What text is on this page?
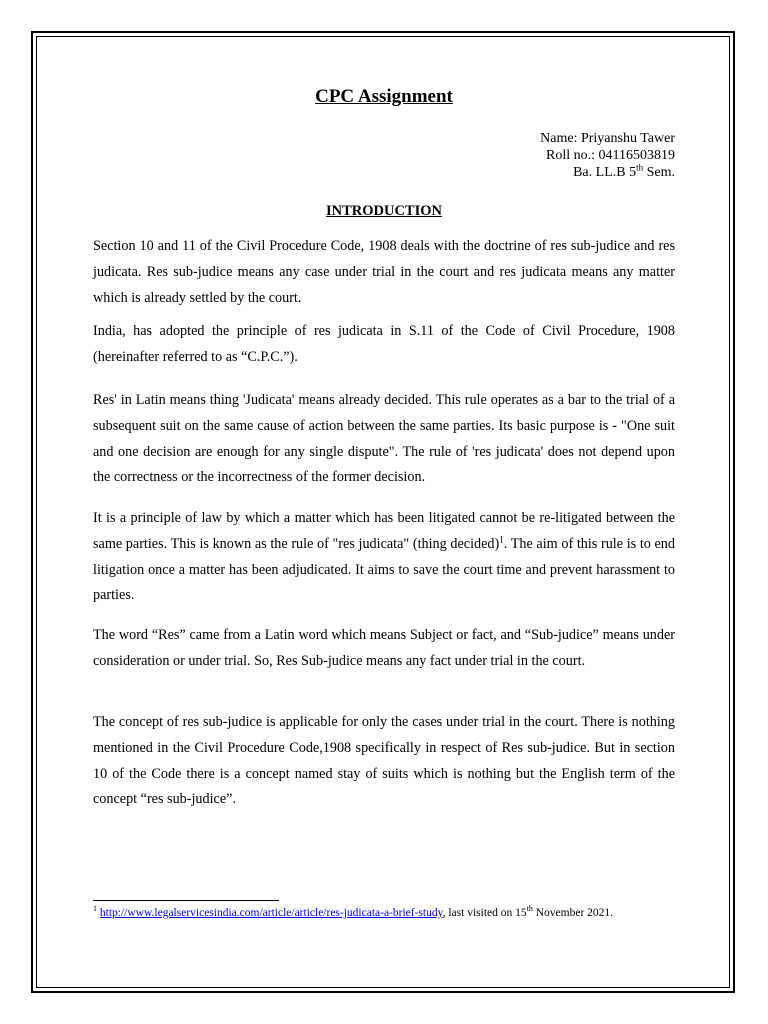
CPC Assignment
Name: Priyanshu Tawer
Roll no.: 04116503819
Ba. LL.B 5th Sem.
INTRODUCTION

Section 10 and 11 of the Civil Procedure Code, 1908 deals with the doctrine of res sub-judice and res judicata. Res sub-judice means any case under trial in the court and res judicata means any matter which is already settled by the court.

India, has adopted the principle of res judicata in S.11 of the Code of Civil Procedure, 1908 (hereinafter referred to as “C.P.C.”).

Res' in Latin means thing 'Judicata' means already decided. This rule operates as a bar to the trial of a subsequent suit on the same cause of action between the same parties. Its basic purpose is - "One suit and one decision are enough for any single dispute". The rule of 'res judicata' does not depend upon the correctness or the incorrectness of the former decision.

It is a principle of law by which a matter which has been litigated cannot be re-litigated between the same parties. This is known as the rule of "res judicata" (thing decided)$^1$. The aim of this rule is to end litigation once a matter has been adjudicated. It aims to save the court time and prevent harassment to parties.

The word “Res” came from a Latin word which means Subject or fact, and “Sub-judice” means under consideration or under trial. So, Res Sub-judice means any fact under trial in the court.

The concept of res sub-judice is applicable for only the cases under trial in the court. There is nothing mentioned in the Civil Procedure Code,1908 specifically in respect of Res sub-judice. But in section 10 of the Code there is a concept named stay of suits which is nothing but the English term of the concept “res sub-judice”.

$^1$ http://www.legalservicesindia.com/article/article/res-judicata-a-brief-study, last visited on 15th November 2021.
